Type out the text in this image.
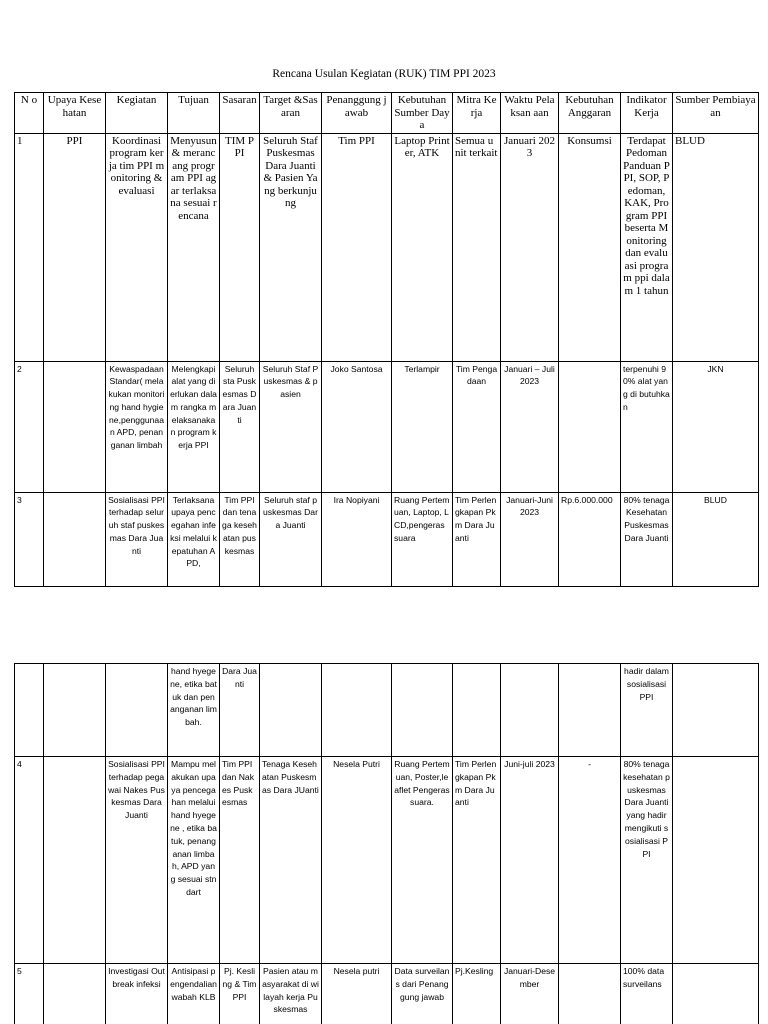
Rencana Usulan Kegiatan (RUK) TIM PPI 2023
N o	Upaya Kesehatan	Kegiatan	Tujuan	Sasaran	Target &Sasaran	Penanggung jawab	Kebutuhan Sumber Daya	Mitra Kerja	Waktu Pelaksan aan	Kebutuhan Anggaran	Indikator Kerja	Sumber Pembiayaan
1	PPI	Koordinasi program kerja tim PPI monitoring & evaluasi	Menyusun & merancang program PPI agar terlaksana sesuai rencana	TIM PPI	Seluruh Staf Puskesmas Dara Juanti & Pasien Yang berkunjung	Tim PPI	Laptop Printer, ATK	Semua unit terkait	Januari 2023	Konsumsi	Terdapat Pedoman Panduan PPI, SOP, Pedoman, KAK, Program PPI beserta Monitoring dan evaluasi program ppi dalam 1 tahun	BLUD
2		Kewaspadaan Standar( melakukan monitoring hand hygiene,penggunaan APD, penanganan limbah	Melengkapi alat yang dierlukan dalam rangka melaksanakan program kerja PPI	Seluruh sta Puskesmas Dara Juanti	Seluruh Staf Puskesmas & pasien	Joko Santosa	Terlampir	Tim Pengadaan	Januari – Juli 2023		terpenuhi 90% alat yang di butuhkan	JKN
3		Sosialisasi PPI terhadap seluruh staf puskesmas Dara Juanti	Terlaksana upaya pencegahan infeksi melalui kepatuhan APD,	Tim PPI dan tenaga kesehatan puskesmas	Seluruh staf puskesmas Dara Juanti	Ira Nopiyani	Ruang Pertemuan, Laptop, LCD,pengeras suara	Tim Perlengkapan Pkm Dara Juanti	Januari-Juni 2023	Rp.6.000.000	80% tenaga Kesehatan Puskesmas Dara Juanti	BLUD
			hand hyegene, etika batuk dan penanganan limbah.	Dara Juanti							hadir dalam sosialisasi PPI	
4		Sosialisasi PPI terhadap pegawai Nakes Puskesmas Dara Juanti	Mampu melakukan upaya pencegahan melalui hand hyegene , etika batuk, penanganan limbah, APD yang sesuai stndart	Tim PPI dan Nakes Puskesmas	Tenaga Kesehatan Puskesmas Dara JUanti	Nesela Putri	Ruang Pertemuan, Poster,leaflet Pengeras suara.	Tim Perlengkapan Pkm Dara Juanti	Juni-juli 2023	-	80% tenaga kesehatan puskesmas Dara Juanti yang hadir mengikuti sosialisasi PPI	
5		Investigasi Outbreak infeksi	Antisipasi pengendalian wabah KLB	Pj. Kesling & Tim PPI	Pasien atau masyarakat di wilayah kerja Puskesmas	Nesela putri	Data surveilans dari Penanggung jawab	Pj.Kesling	Januari-Desember		100% data surveilans	
